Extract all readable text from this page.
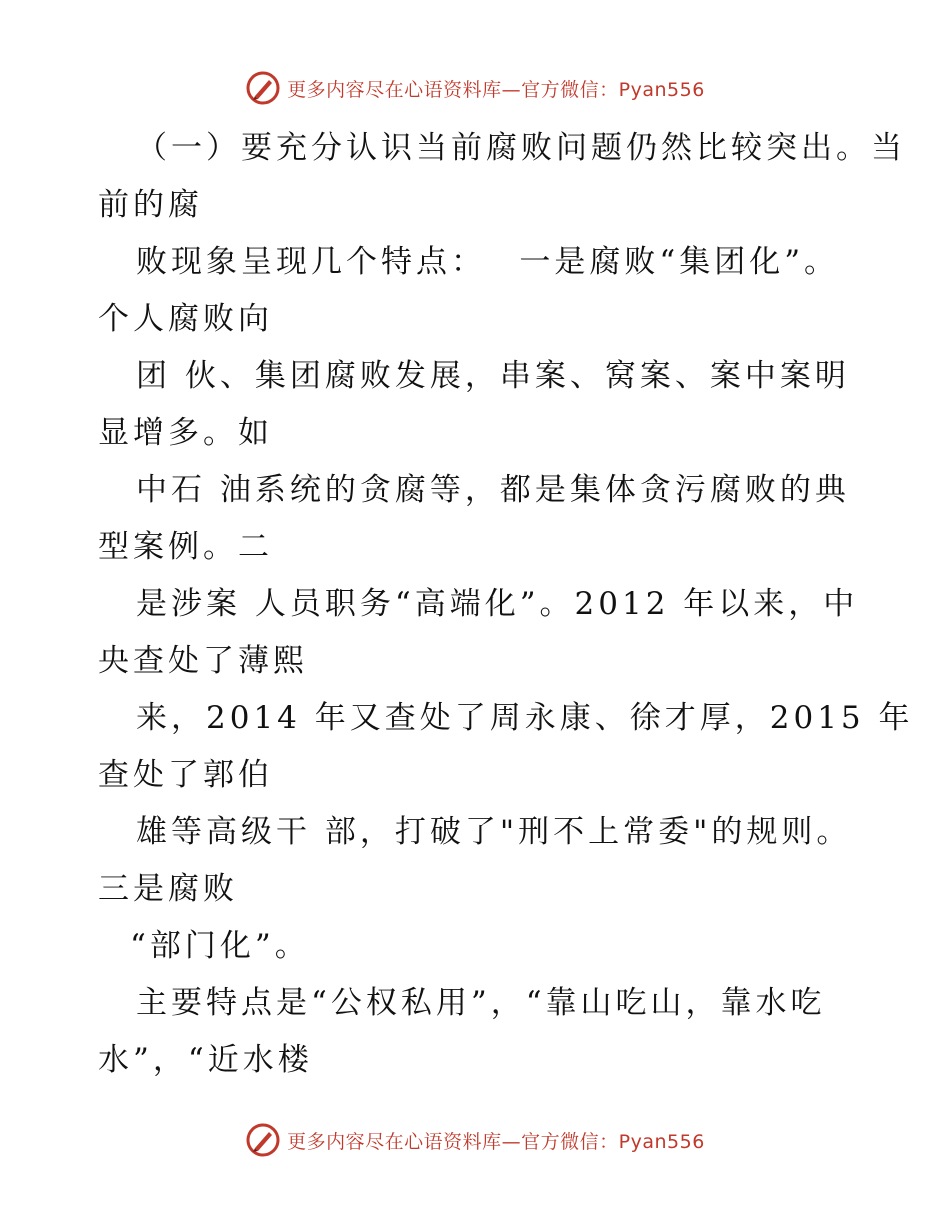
更多内容尽在心语资料库—官方微信：Pyan556

（一）要充分认识当前腐败问题仍然比较突出。当

前的腐

败现象呈现几个特点：　 一是腐败“集团化”。

个人腐败向

团 伙、集团腐败发展，串案、窝案、案中案明

显增多。如

中石 油系统的贪腐等，都是集体贪污腐败的典

型案例。二

是涉案 人员职务“高端化”。2012 年以来，中

央查处了薄熙

来，2014 年又查处了周永康、徐才厚，2015 年

查处了郭伯

雄等高级干 部，打破了"刑不上常委"的规则。

三是腐败

“部门化”。

主要特点是“公权私用”，“靠山吃山，靠水吃

水”，“近水楼

更多内容尽在心语资料库—官方微信：Pyan556
